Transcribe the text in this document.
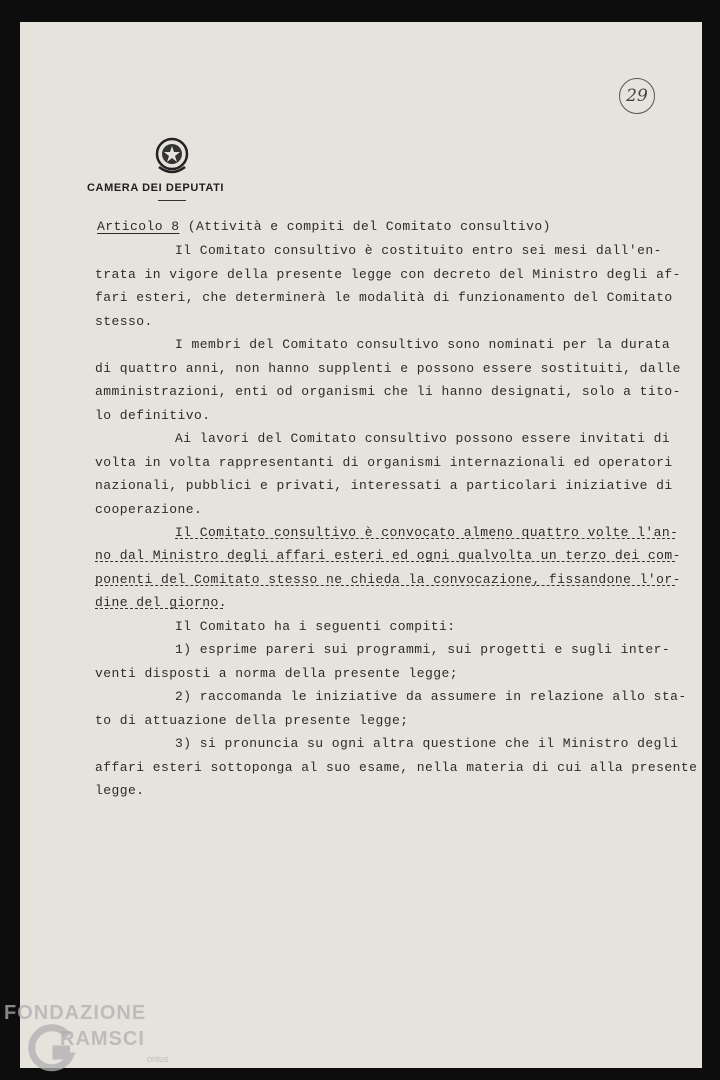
29
CAMERA DEI DEPUTATI
Articolo 8 (Attività e compiti del Comitato consultivo)
Il Comitato consultivo è costituito entro sei mesi dall'en-
trata in vigore della presente legge con decreto del Ministro degli af-
fari esteri, che determinerà le modalità di funzionamento del Comitato
stesso.
I membri del Comitato consultivo sono nominati per la durata
di quattro anni, non hanno supplenti e possono essere sostituiti, dalle
amministrazioni, enti od organismi che li hanno designati, solo a tito-
lo definitivo.
Ai lavori del Comitato consultivo possono essere invitati di
volta in volta rappresentanti di organismi internazionali ed operatori
nazionali, pubblici e privati, interessati a particolari iniziative di
cooperazione.
Il Comitato consultivo è convocato almeno quattro volte l'an-
no dal Ministro degli affari esteri ed ogni qualvolta un terzo dei com-
ponenti del Comitato stesso ne chieda la convocazione, fissandone l'or-
dine del giorno.
Il Comitato ha i seguenti compiti:
1) esprime pareri sui programmi, sui progetti e sugli inter-
venti disposti a norma della presente legge;
2) raccomanda le iniziative da assumere in relazione allo sta-
to di attuazione della presente legge;
3) si pronuncia su ogni altra questione che il Ministro degli
affari esteri sottoponga al suo esame, nella materia di cui alla presente
legge.
FONDAZIONE
RAMSCI
onlus
